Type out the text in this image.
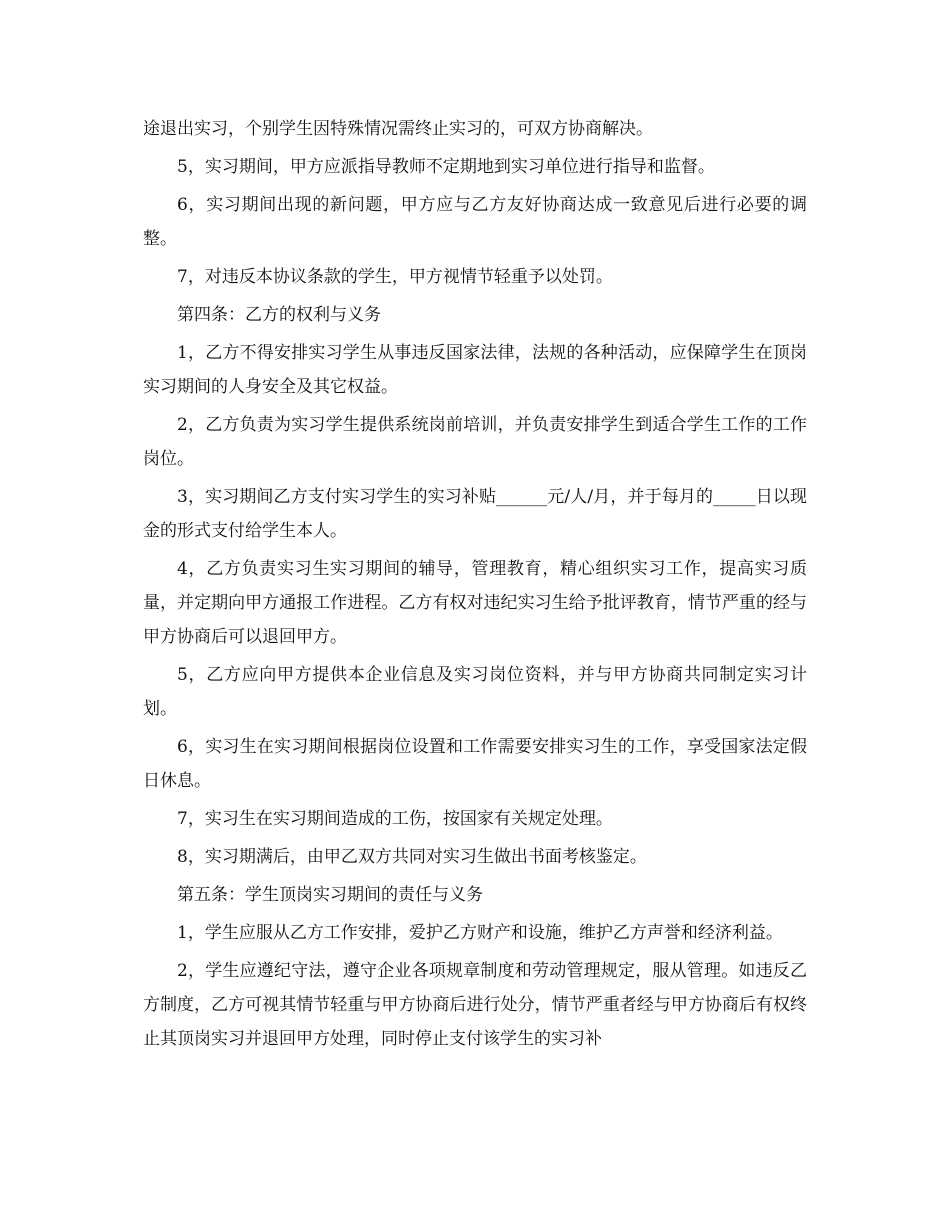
途退出实习，个别学生因特殊情况需终止实习的，可双方协商解决。

5，实习期间，甲方应派指导教师不定期地到实习单位进行指导和监督。

6，实习期间出现的新问题，甲方应与乙方友好协商达成一致意见后进行必要的调整。

7，对违反本协议条款的学生，甲方视情节轻重予以处罚。

第四条：乙方的权利与义务

1，乙方不得安排实习学生从事违反国家法律，法规的各种活动，应保障学生在顶岗实习期间的人身安全及其它权益。

2，乙方负责为实习学生提供系统岗前培训，并负责安排学生到适合学生工作的工作岗位。

3，实习期间乙方支付实习学生的实习补贴______元/人/月，并于每月的_____日以现金的形式支付给学生本人。

4，乙方负责实习生实习期间的辅导，管理教育，精心组织实习工作，提高实习质量，并定期向甲方通报工作进程。乙方有权对违纪实习生给予批评教育，情节严重的经与甲方协商后可以退回甲方。

5，乙方应向甲方提供本企业信息及实习岗位资料，并与甲方协商共同制定实习计划。

6，实习生在实习期间根据岗位设置和工作需要安排实习生的工作，享受国家法定假日休息。

7，实习生在实习期间造成的工伤，按国家有关规定处理。

8，实习期满后，由甲乙双方共同对实习生做出书面考核鉴定。

第五条：学生顶岗实习期间的责任与义务

1，学生应服从乙方工作安排，爱护乙方财产和设施，维护乙方声誉和经济利益。

2，学生应遵纪守法，遵守企业各项规章制度和劳动管理规定，服从管理。如违反乙方制度，乙方可视其情节轻重与甲方协商后进行处分，情节严重者经与甲方协商后有权终止其顶岗实习并退回甲方处理，同时停止支付该学生的实习补
